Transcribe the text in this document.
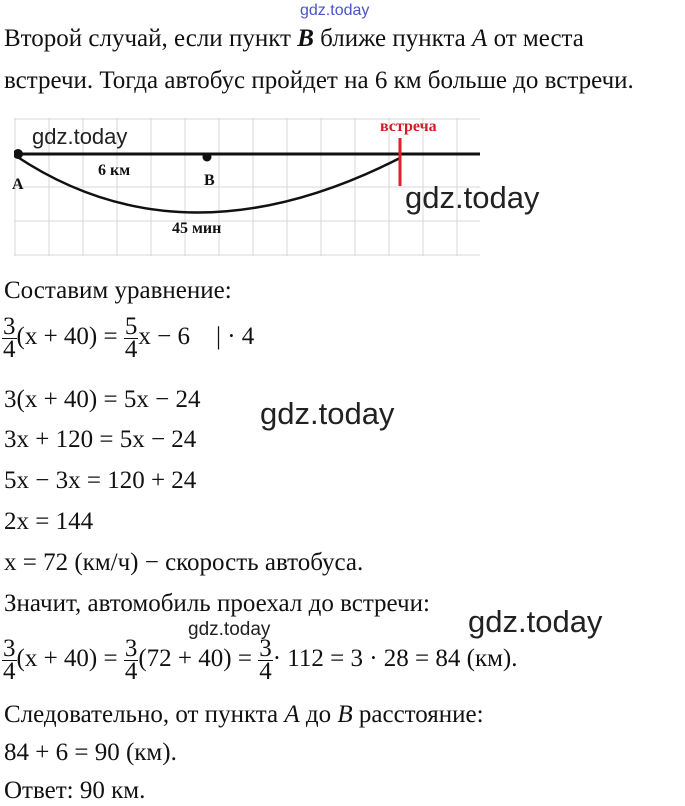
gdz.today
Второй случай, если пункт B ближе пункта A от места
встречи. Тогда автобус пройдет на 6 км больше до встречи.
встреча
A	B
6 км
45 мин
gdz.today
gdz.today
Составим уравнение:
$\frac{3}{4} (x + 40) = \frac{5}{4}$ x − 6 | · 4
3(x + 40) = 5x − 24
3x + 120 = 5x − 24
5x − 3x = 120 + 24
2x = 144
x = 72 (км/ч) − скорость автобуса.
gdz.today
Значит, автомобиль проехал до встречи:
gdz.today	gdz.today
$\frac{3}{4} (x + 40) = \frac{3}{4} (72 + 40) = \frac{3}{4} \cdot 112 = 3 \cdot 28 = 84$ (км).
Следовательно, от пункта A до B расстояние:
84 + 6 = 90 (км).
Ответ: 90 км.
